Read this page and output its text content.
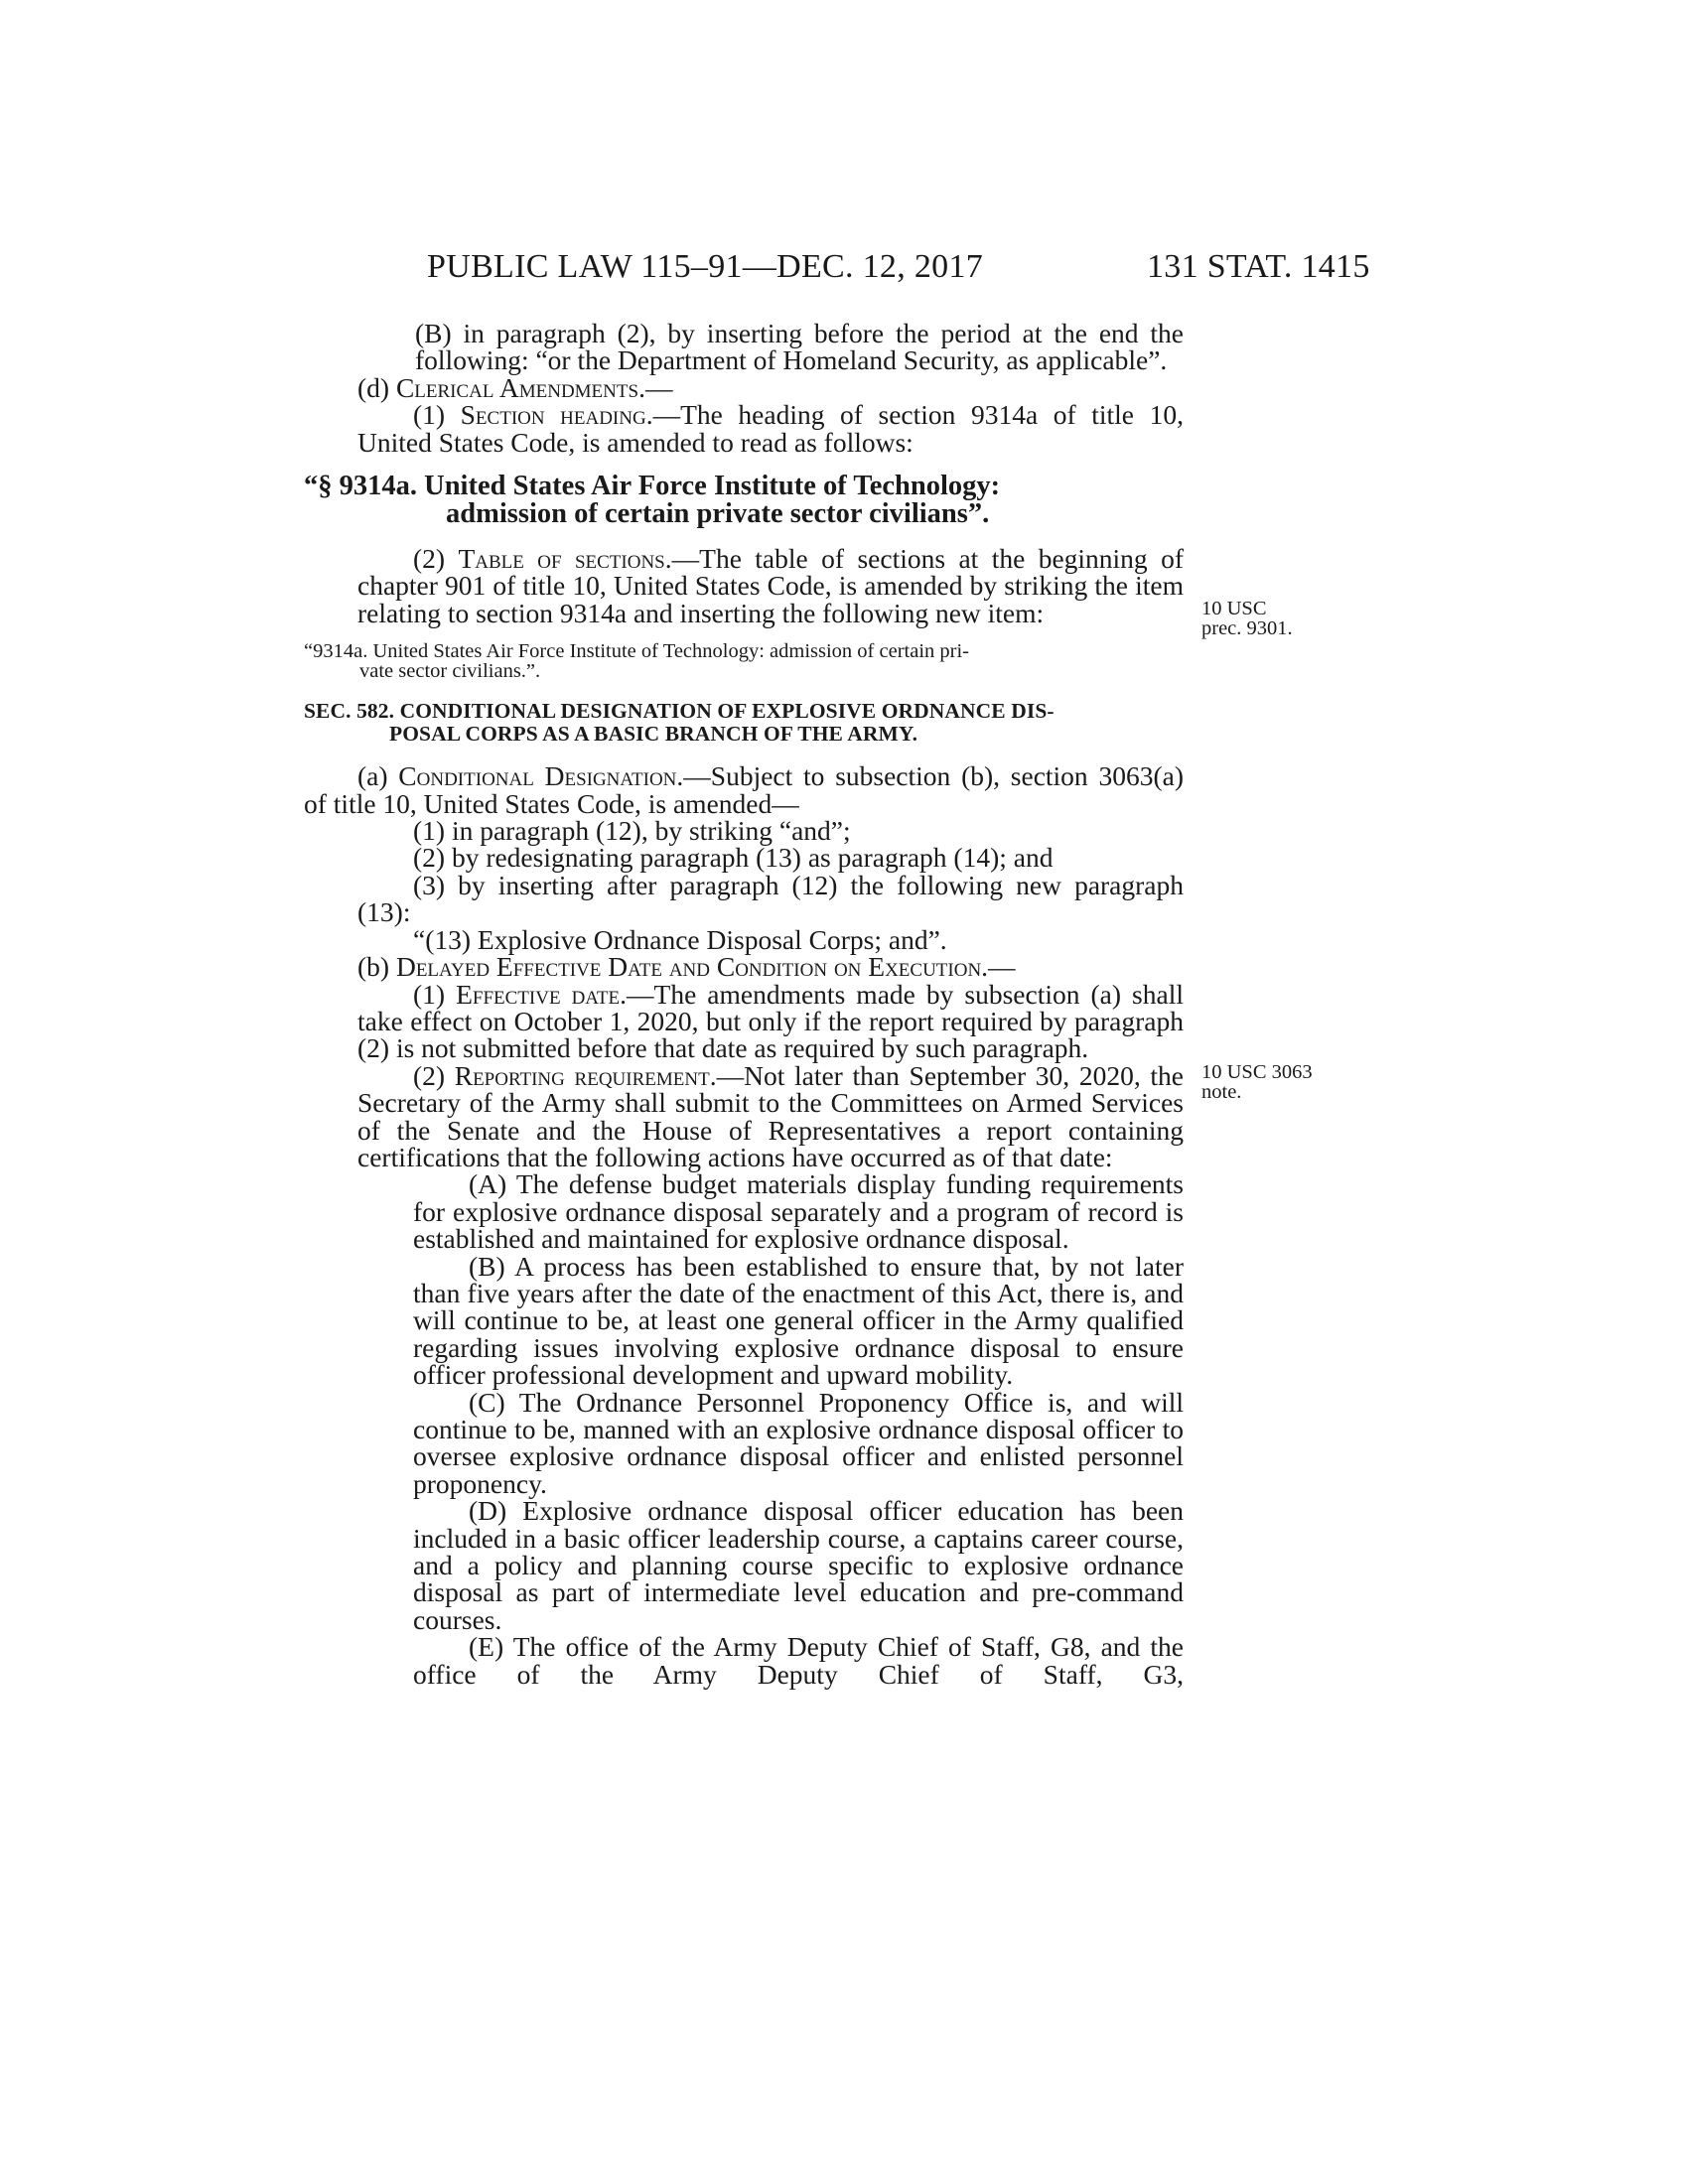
PUBLIC LAW 115–91—DEC. 12, 2017	131 STAT. 1415
10 USC
prec. 9301.
10 USC 3063
note.
(B) in paragraph (2), by inserting before the period at the end the following: “or the Department of Homeland Security, as applicable”.
(d) Clerical Amendments.—
(1) Section heading.—The heading of section 9314a of title 10, United States Code, is amended to read as follows:
“§ 9314a. United States Air Force Institute of Technology:
admission of certain private sector civilians”.
(2) Table of sections.—The table of sections at the beginning of chapter 901 of title 10, United States Code, is amended by striking the item relating to section 9314a and inserting the following new item:
“9314a. United States Air Force Institute of Technology: admission of certain pri-
vate sector civilians.”.
SEC. 582. CONDITIONAL DESIGNATION OF EXPLOSIVE ORDNANCE DIS-
POSAL CORPS AS A BASIC BRANCH OF THE ARMY.
(a) Conditional Designation.—Subject to subsection (b), section 3063(a) of title 10, United States Code, is amended—
(1) in paragraph (12), by striking “and”;
(2) by redesignating paragraph (13) as paragraph (14); and
(3) by inserting after paragraph (12) the following new paragraph (13):
“(13) Explosive Ordnance Disposal Corps; and”.
(b) Delayed Effective Date and Condition on Execution.—
(1) Effective date.—The amendments made by subsection (a) shall take effect on October 1, 2020, but only if the report required by paragraph (2) is not submitted before that date as required by such paragraph.
(2) Reporting requirement.—Not later than September 30, 2020, the Secretary of the Army shall submit to the Committees on Armed Services of the Senate and the House of Representatives a report containing certifications that the following actions have occurred as of that date:
(A) The defense budget materials display funding requirements for explosive ordnance disposal separately and a program of record is established and maintained for explosive ordnance disposal.
(B) A process has been established to ensure that, by not later than five years after the date of the enactment of this Act, there is, and will continue to be, at least one general officer in the Army qualified regarding issues involving explosive ordnance disposal to ensure officer professional development and upward mobility.
(C) The Ordnance Personnel Proponency Office is, and will continue to be, manned with an explosive ordnance disposal officer to oversee explosive ordnance disposal officer and enlisted personnel proponency.
(D) Explosive ordnance disposal officer education has been included in a basic officer leadership course, a captains career course, and a policy and planning course specific to explosive ordnance disposal as part of intermediate level education and pre-command courses.
(E) The office of the Army Deputy Chief of Staff, G8, and the office of the Army Deputy Chief of Staff, G3,
